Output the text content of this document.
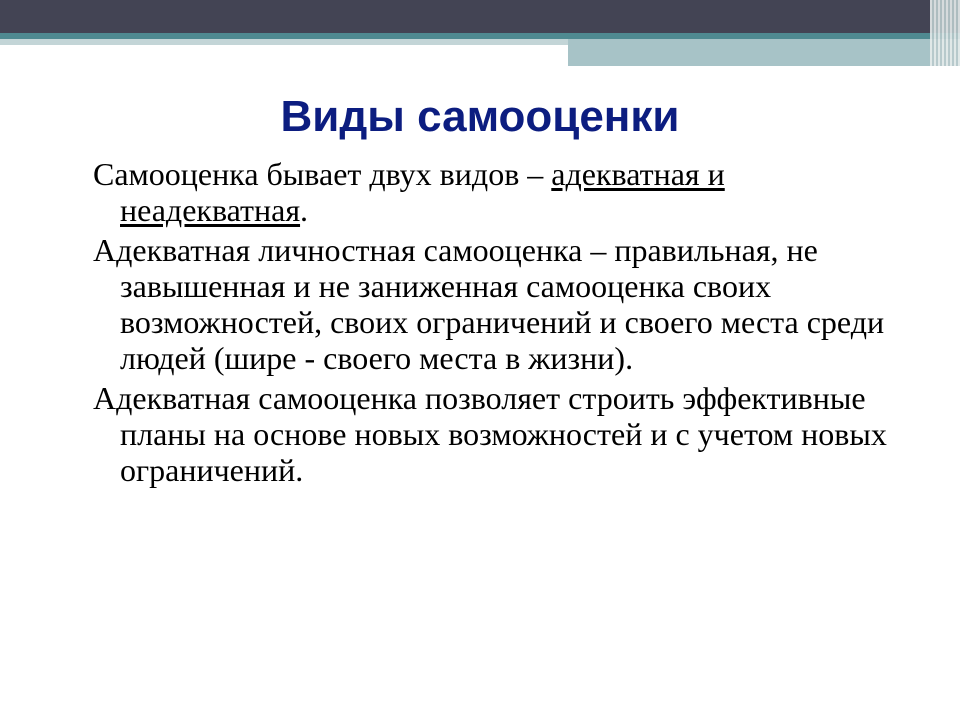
Виды самооценки

Самооценка бывает двух видов – адекватная и неадекватная.

Адекватная личностная самооценка – правильная, не завышенная и не заниженная самооценка своих возможностей, своих ограничений и своего места среди людей (шире - своего места в жизни).

Адекватная самооценка позволяет строить эффективные планы на основе новых возможностей и с учетом новых ограничений.
